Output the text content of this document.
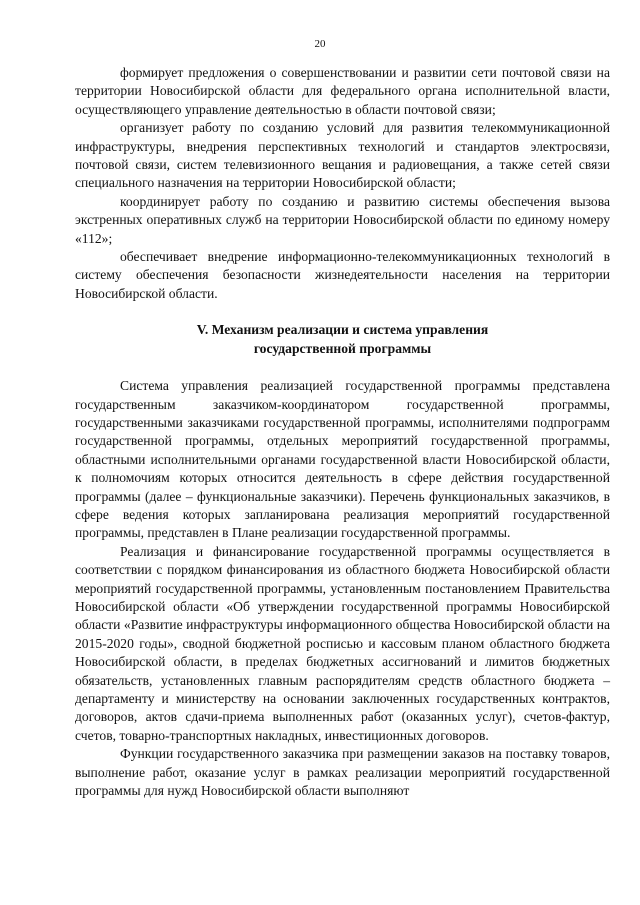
20

формирует предложения о совершенствовании и развитии сети почтовой связи на территории Новосибирской области для федерального органа исполнительной власти, осуществляющего управление деятельностью в области почтовой связи;

организует работу по созданию условий для развития телекоммуникационной инфраструктуры, внедрения перспективных технологий и стандартов электросвязи, почтовой связи, систем телевизионного вещания и радиовещания, а также сетей связи специального назначения на территории Новосибирской области;

координирует работу по созданию и развитию системы обеспечения вызова экстренных оперативных служб на территории Новосибирской области по единому номеру «112»;

обеспечивает внедрение информационно-телекоммуникационных технологий в систему обеспечения безопасности жизнедеятельности населения на территории Новосибирской области.

V. Механизм реализации и система управления
государственной программы

Система управления реализацией государственной программы представлена государственным заказчиком-координатором государственной программы, государственными заказчиками государственной программы, исполнителями подпрограмм государственной программы, отдельных мероприятий государственной программы, областными исполнительными органами государственной власти Новосибирской области, к полномочиям которых относится деятельность в сфере действия государственной программы (далее – функциональные заказчики). Перечень функциональных заказчиков, в сфере ведения которых запланирована реализация мероприятий государственной программы, представлен в Плане реализации государственной программы.

Реализация и финансирование государственной программы осуществляется в соответствии с порядком финансирования из областного бюджета Новосибирской области мероприятий государственной программы, установленным постановлением Правительства Новосибирской области «Об утверждении государственной программы Новосибирской области «Развитие инфраструктуры информационного общества Новосибирской области на 2015-2020 годы», сводной бюджетной росписью и кассовым планом областного бюджета Новосибирской области, в пределах бюджетных ассигнований и лимитов бюджетных обязательств, установленных главным распорядителям средств областного бюджета – департаменту и министерству на основании заключенных государственных контрактов, договоров, актов сдачи-приема выполненных работ (оказанных услуг), счетов-фактур, счетов, товарно-транспортных накладных, инвестиционных договоров.

Функции государственного заказчика при размещении заказов на поставку товаров, выполнение работ, оказание услуг в рамках реализации мероприятий государственной программы для нужд Новосибирской области выполняют
